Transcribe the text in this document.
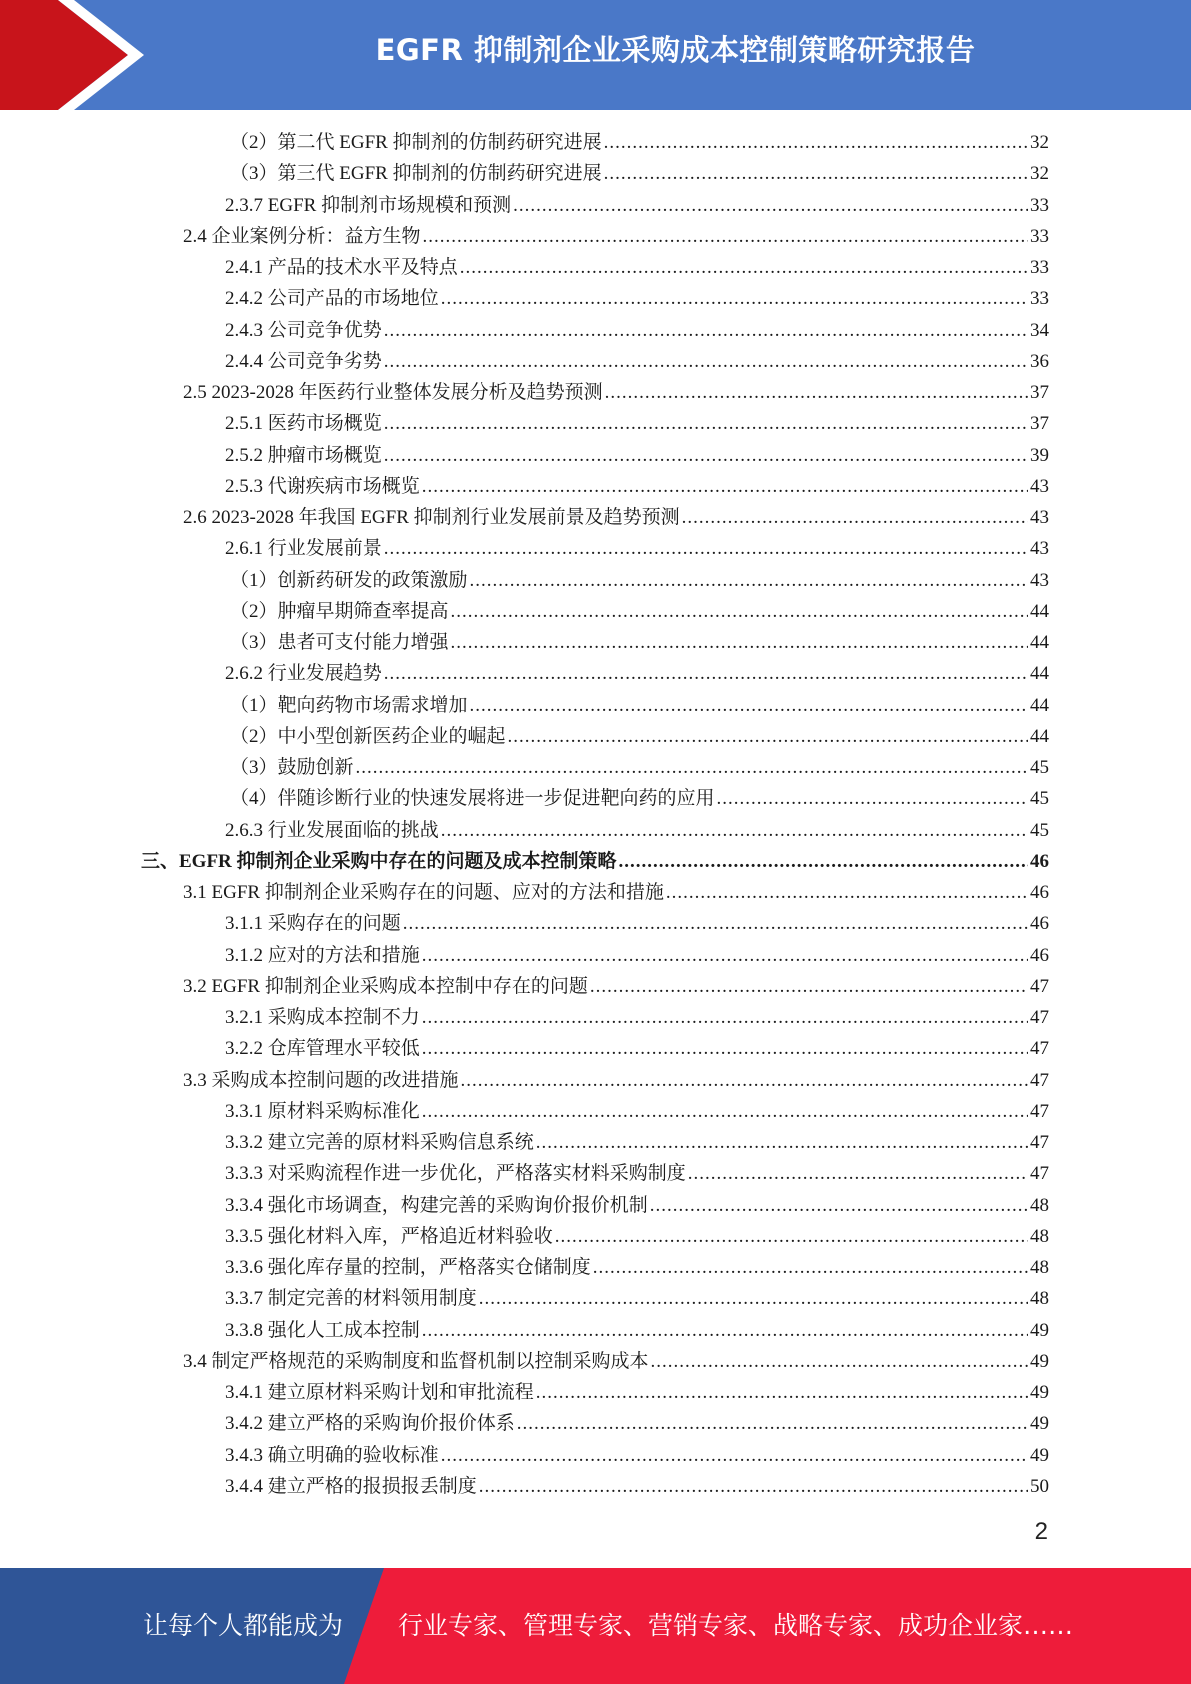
EGFR 抑制剂企业采购成本控制策略研究报告
（2）第二代 EGFR 抑制剂的仿制药研究进展 .....	32
（3）第三代 EGFR 抑制剂的仿制药研究进展 .....	32
2.3.7 EGFR 抑制剂市场规模和预测 .....	33
2.4 企业案例分析：益方生物 .....	33
2.4.1 产品的技术水平及特点 .....	33
2.4.2 公司产品的市场地位 .....	33
2.4.3 公司竞争优势 .....	34
2.4.4 公司竞争劣势 .....	36
2.5 2023-2028 年医药行业整体发展分析及趋势预测 .....	37
2.5.1 医药市场概览 .....	37
2.5.2 肿瘤市场概览 .....	39
2.5.3 代谢疾病市场概览 .....	43
2.6 2023-2028 年我国 EGFR 抑制剂行业发展前景及趋势预测 .....	43
2.6.1 行业发展前景 .....	43
（1）创新药研发的政策激励 .....	43
（2）肿瘤早期筛查率提高 .....	44
（3）患者可支付能力增强 .....	44
2.6.2 行业发展趋势 .....	44
（1）靶向药物市场需求增加 .....	44
（2）中小型创新医药企业的崛起 .....	44
（3）鼓励创新 .....	45
（4）伴随诊断行业的快速发展将进一步促进靶向药的应用 .....	45
2.6.3 行业发展面临的挑战 .....	45
三、EGFR 抑制剂企业采购中存在的问题及成本控制策略 .....	46
3.1 EGFR 抑制剂企业采购存在的问题、应对的方法和措施 .....	46
3.1.1 采购存在的问题 .....	46
3.1.2 应对的方法和措施 .....	46
3.2 EGFR 抑制剂企业采购成本控制中存在的问题 .....	47
3.2.1 采购成本控制不力 .....	47
3.2.2 仓库管理水平较低 .....	47
3.3 采购成本控制问题的改进措施 .....	47
3.3.1 原材料采购标准化 .....	47
3.3.2 建立完善的原材料采购信息系统 .....	47
3.3.3 对采购流程作进一步优化，严格落实材料采购制度 .....	47
3.3.4 强化市场调查，构建完善的采购询价报价机制 .....	48
3.3.5 强化材料入库，严格追近材料验收 .....	48
3.3.6 强化库存量的控制，严格落实仓储制度 .....	48
3.3.7 制定完善的材料领用制度 .....	48
3.3.8 强化人工成本控制 .....	49
3.4 制定严格规范的采购制度和监督机制以控制采购成本 .....	49
3.4.1 建立原材料采购计划和审批流程 .....	49
3.4.2 建立严格的采购询价报价体系 .....	49
3.4.3 确立明确的验收标准 .....	49
3.4.4 建立严格的报损报丢制度 .....	50
2
让每个人都能成为 行业专家、管理专家、营销专家、战略专家、成功企业家……
